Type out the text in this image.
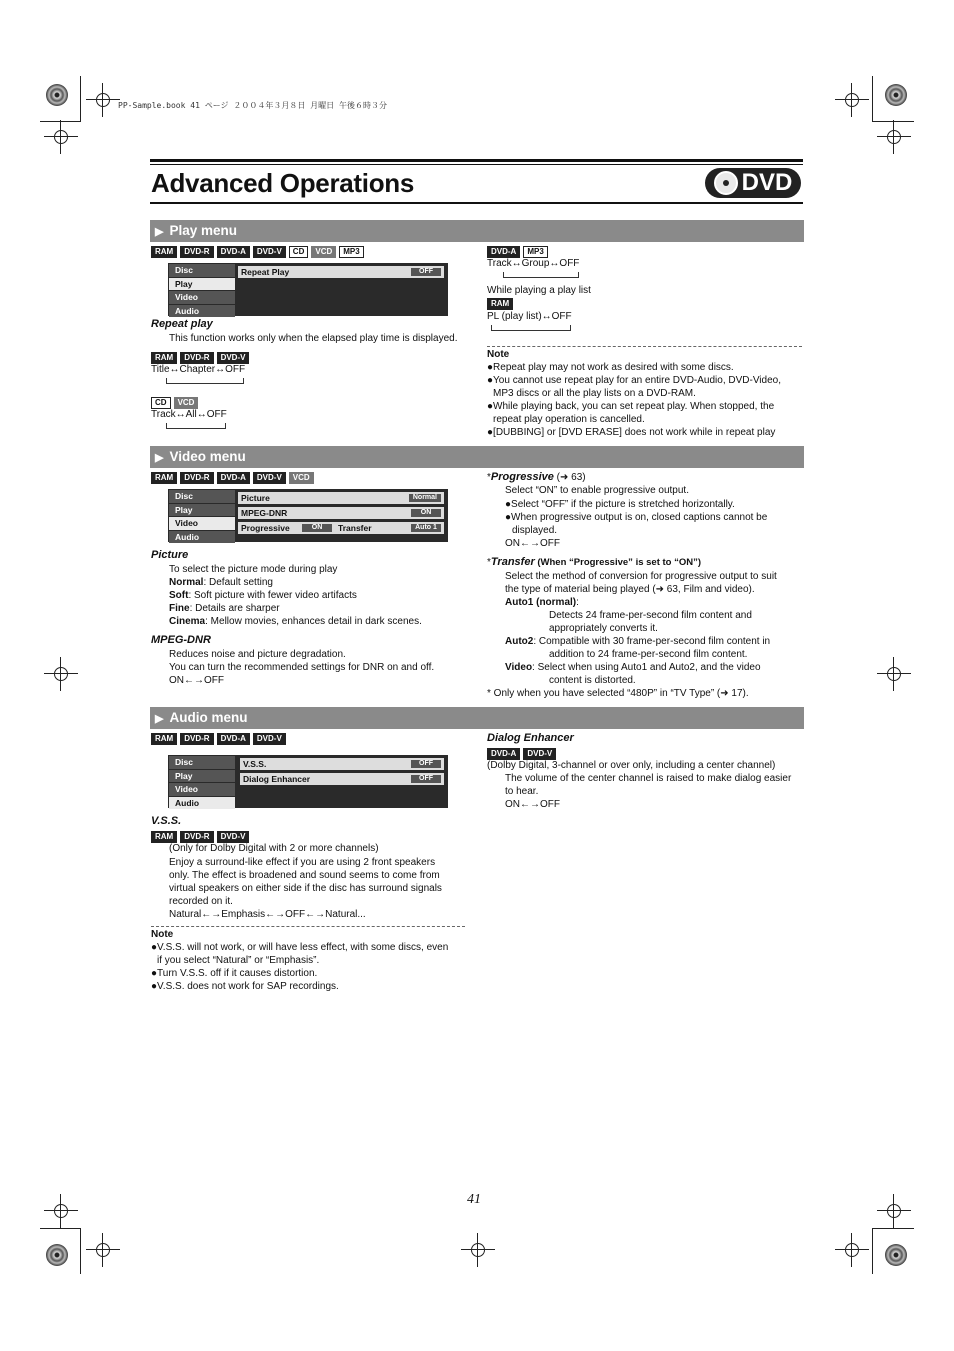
PP-Sample.book 41 ページ ２００４年３月８日 月曜日 午後６時３分
Advanced Operations	DVD
▶ Play menu
RAM	DVD-R	DVD-A	DVD-V	CD	VCD	MP3
Disc
Play
Video
Audio
Repeat Play	OFF
Repeat play
This function works only when the elapsed play time is displayed.
RAM	DVD-R	DVD-V
Title↔Chapter↔OFF
CD	VCD
Track↔All↔OFF
DVD-A	MP3
Track↔Group↔OFF
While playing a play list
RAM
PL (play list)↔OFF
Note
●Repeat play may not work as desired with some discs.
●You cannot use repeat play for an entire DVD-Audio, DVD-Video,
MP3 discs or all the play lists on a DVD-RAM.
●While playing back, you can set repeat play. When stopped, the
repeat play operation is cancelled.
●[DUBBING] or [DVD ERASE] does not work while in repeat play
▶ Video menu
RAM	DVD-R	DVD-A	DVD-V	VCD
Disc
Play
Video
Audio
Picture	Normal
MPEG-DNR	ON
Progressive	ON	Transfer	Auto 1
Picture
To select the picture mode during play
Normal: Default setting
Soft: Soft picture with fewer video artifacts
Fine: Details are sharper
Cinema: Mellow movies, enhances detail in dark scenes.
MPEG-DNR
Reduces noise and picture degradation.
You can turn the recommended settings for DNR on and off.
ON←→OFF
*Progressive (➜ 63)
Select “ON” to enable progressive output.
●Select “OFF” if the picture is stretched horizontally.
●When progressive output is on, closed captions cannot be
displayed.
ON←→OFF
*Transfer (When “Progressive” is set to “ON”)
Select the method of conversion for progressive output to suit
the type of material being played (➜ 63, Film and video).
Auto1 (normal):
Detects 24 frame-per-second film content and
appropriately converts it.
Auto2: Compatible with 30 frame-per-second film content in
addition to 24 frame-per-second film content.
Video: Select when using Auto1 and Auto2, and the video
content is distorted.
* Only when you have selected “480P” in “TV Type” (➜ 17).
▶ Audio menu
RAM	DVD-R	DVD-A	DVD-V
Disc
Play
Video
Audio
V.S.S.	OFF
Dialog Enhancer	OFF
V.S.S.
RAM	DVD-R	DVD-V
(Only for Dolby Digital with 2 or more channels)
Enjoy a surround-like effect if you are using 2 front speakers
only. The effect is broadened and sound seems to come from
virtual speakers on either side if the disc has surround signals
recorded on it.
Natural←→Emphasis←→OFF←→Natural...
Note
●V.S.S. will not work, or will have less effect, with some discs, even
if you select “Natural” or “Emphasis”.
●Turn V.S.S. off if it causes distortion.
●V.S.S. does not work for SAP recordings.
Dialog Enhancer
DVD-A	DVD-V
(Dolby Digital, 3-channel or over only, including a center channel)
The volume of the center channel is raised to make dialog easier
to hear.
ON←→OFF
41
